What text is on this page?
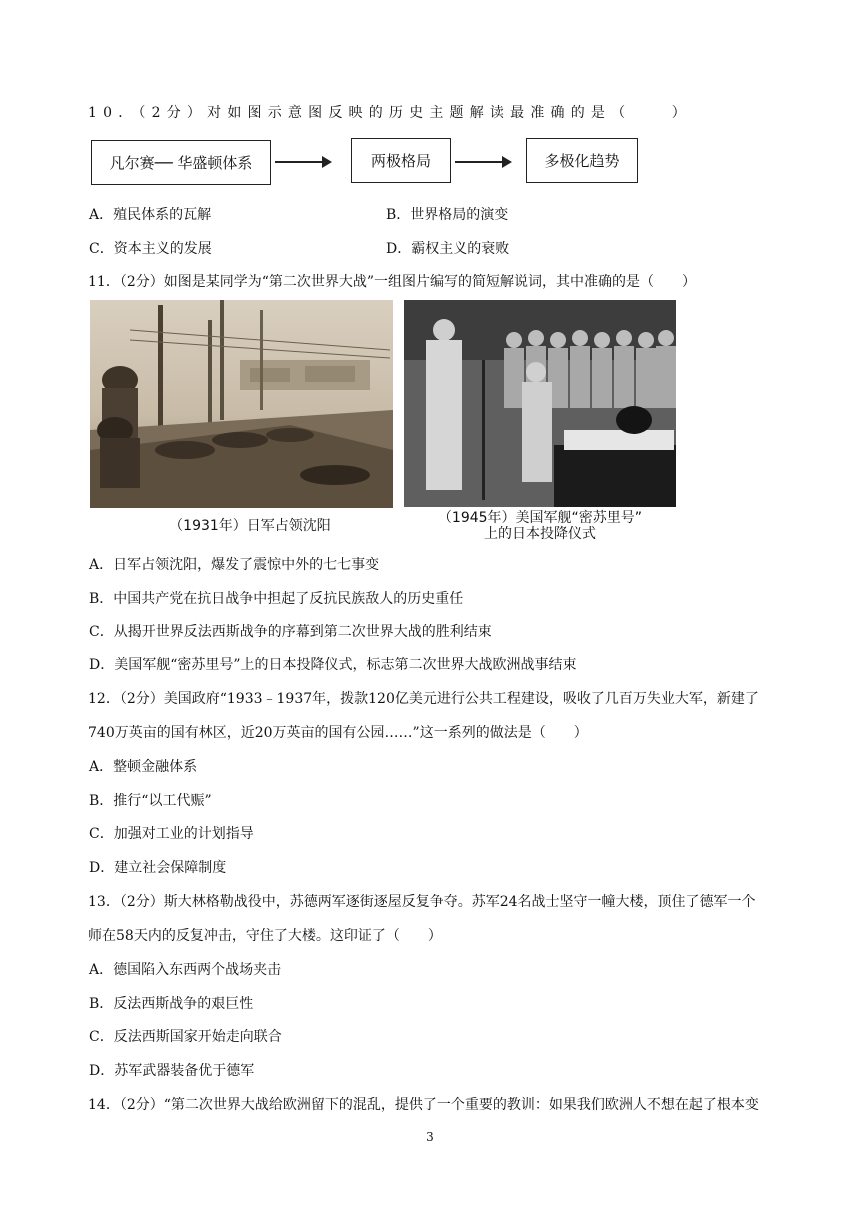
10．（2分）对如图示意图反映的历史主题解读最准确的是（　　）
凡尔赛── 华盛顿体系	两极格局	多极化趋势
A．殖民体系的瓦解	B．世界格局的演变
C．资本主义的发展	D．霸权主义的衰败
11．（2分）如图是某同学为“第二次世界大战”一组图片编写的简短解说词，其中准确的是（　　）
（1931年）日军占领沈阳	（1945年）美国军舰“密苏里号”
上的日本投降仪式
A．日军占领沈阳，爆发了震惊中外的七七事变
B．中国共产党在抗日战争中担起了反抗民族敌人的历史重任
C．从揭开世界反法西斯战争的序幕到第二次世界大战的胜利结束
D．美国军舰“密苏里号”上的日本投降仪式，标志第二次世界大战欧洲战事结束
12．（2分）美国政府“1933﹣1937年，拨款120亿美元进行公共工程建设，吸收了几百万失业大军，新建了
740万英亩的国有林区，近20万英亩的国有公园……”这一系列的做法是（　　）
A．整顿金融体系
B．推行“以工代赈”
C．加强对工业的计划指导
D．建立社会保障制度
13．（2分）斯大林格勒战役中，苏德两军逐街逐屋反复争夺。苏军24名战士坚守一幢大楼，顶住了德军一个
师在58天内的反复冲击，守住了大楼。这印证了（　　）
A．德国陷入东西两个战场夹击
B．反法西斯战争的艰巨性
C．反法西斯国家开始走向联合
D．苏军武器装备优于德军
14．（2分）“第二次世界大战给欧洲留下的混乱，提供了一个重要的教训：如果我们欧洲人不想在起了根本变
3
